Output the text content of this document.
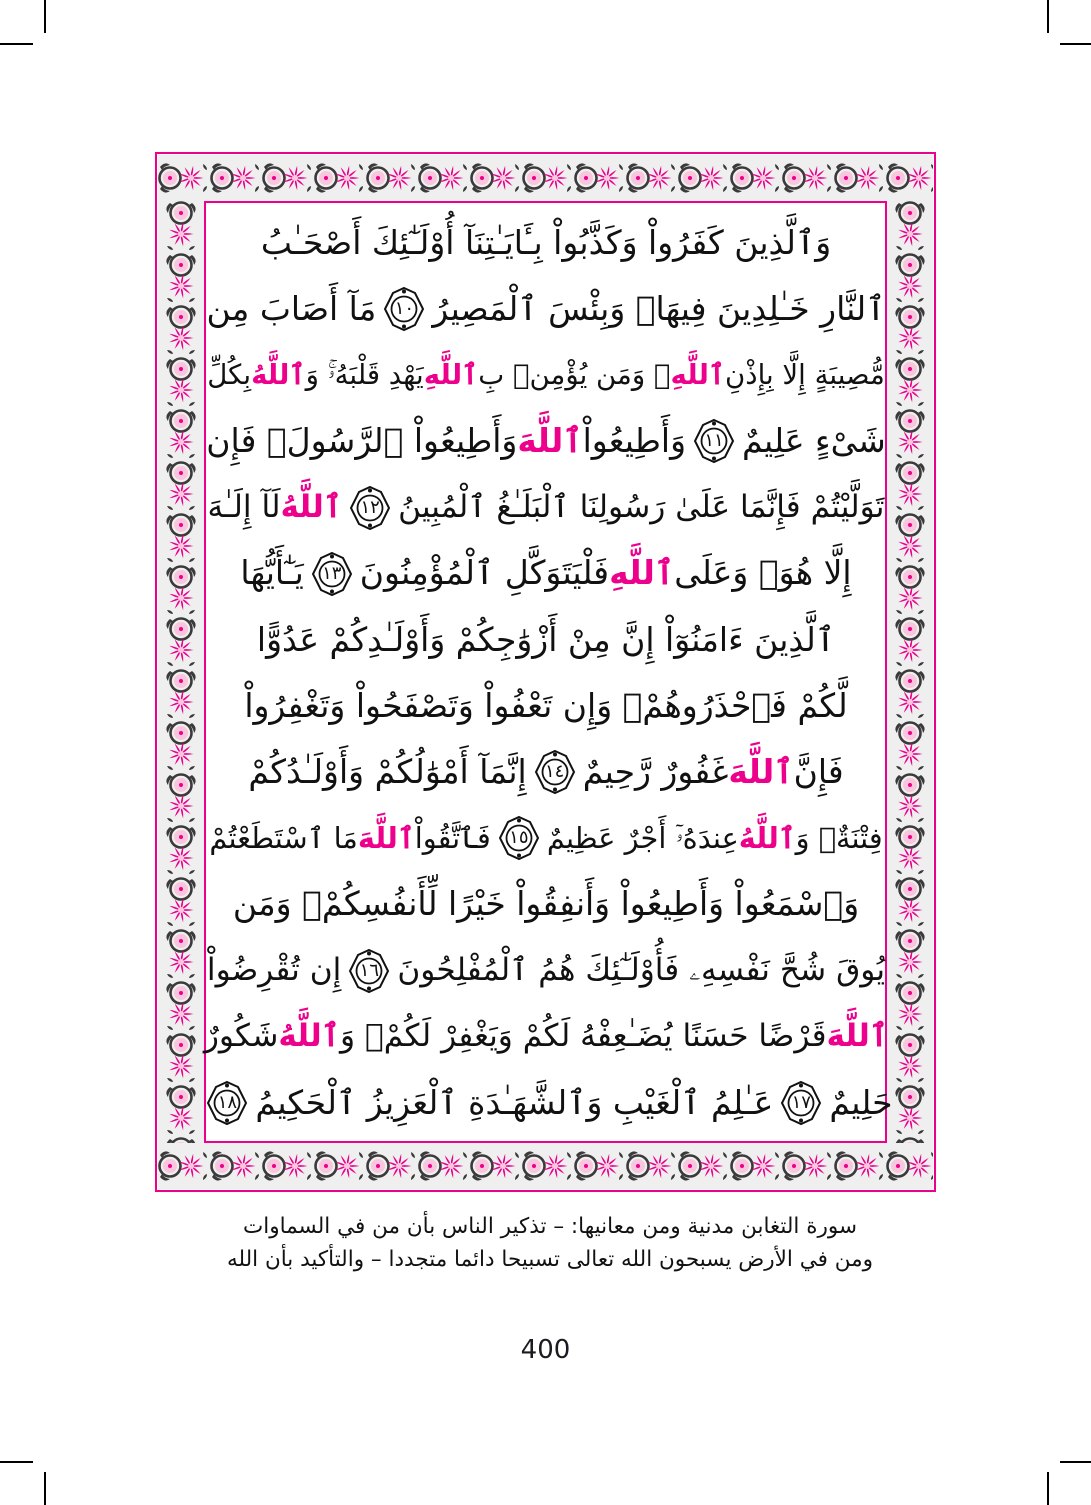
وَٱلَّذِينَ كَفَرُواْ وَكَذَّبُواْ بِـَٔايَـٰتِنَآ أُوْلَـٰٓئِكَ أَصْحَـٰبُ
ٱلنَّارِ خَـٰلِدِينَ فِيهَاۖ وَبِئْسَ ٱلْمَصِيرُ
١٠
مَآ أَصَابَ مِن
مُّصِيبَةٍ إِلَّا بِإِذْنِ
ٱللَّهِ
ۗ وَمَن يُؤْمِنۢ بِ
ٱللَّهِ
يَهْدِ قَلْبَهُۥۚ وَ
ٱللَّهُ
بِكُلِّ
شَىْءٍ عَلِيمٌ
١١
وَأَطِيعُواْ
ٱللَّهَ
وَأَطِيعُواْ ٱلرَّسُولَۚ فَإِن
تَوَلَّيْتُمْ فَإِنَّمَا عَلَىٰ رَسُولِنَا ٱلْبَلَـٰغُ ٱلْمُبِينُ
١٢
ٱللَّهُ
لَآ إِلَـٰهَ
إِلَّا هُوَۚ وَعَلَى
ٱللَّهِ
فَلْيَتَوَكَّلِ ٱلْمُؤْمِنُونَ
١٣
يَـٰٓأَيُّهَا
ٱلَّذِينَ ءَامَنُوٓاْ إِنَّ مِنْ أَزْوَٰجِكُمْ وَأَوْلَـٰدِكُمْ عَدُوًّا
لَّكُمْ فَٱحْذَرُوهُمْۚ وَإِن تَعْفُواْ وَتَصْفَحُواْ وَتَغْفِرُواْ
فَإِنَّ
ٱللَّهَ
غَفُورٌ رَّحِيمٌ
١٤
إِنَّمَآ أَمْوَٰلُكُمْ وَأَوْلَـٰدُكُمْ
فِتْنَةٌۚ وَ
ٱللَّهُ
عِندَهُۥٓ أَجْرٌ عَظِيمٌ
١٥
فَٱتَّقُواْ
ٱللَّهَ
مَا ٱسْتَطَعْتُمْ
وَٱسْمَعُواْ وَأَطِيعُواْ وَأَنفِقُواْ خَيْرًا لِّأَنفُسِكُمْۗ وَمَن
يُوقَ شُحَّ نَفْسِهِۦ فَأُوْلَـٰٓئِكَ هُمُ ٱلْمُفْلِحُونَ
١٦
إِن تُقْرِضُواْ
ٱللَّهَ
قَرْضًا حَسَنًا يُضَـٰعِفْهُ لَكُمْ وَيَغْفِرْ لَكُمْۚ وَ
ٱللَّهُ
شَكُورٌ
حَلِيمٌ
١٧
عَـٰلِمُ ٱلْغَيْبِ وَٱلشَّهَـٰدَةِ ٱلْعَزِيزُ ٱلْحَكِيمُ
١٨
سورة التغابن مدنية ومن معانيها: – تذكير الناس بأن من في السماوات
ومن في الأرض يسبحون الله تعالى تسبيحا دائما متجددا – والتأكيد بأن الله
400
